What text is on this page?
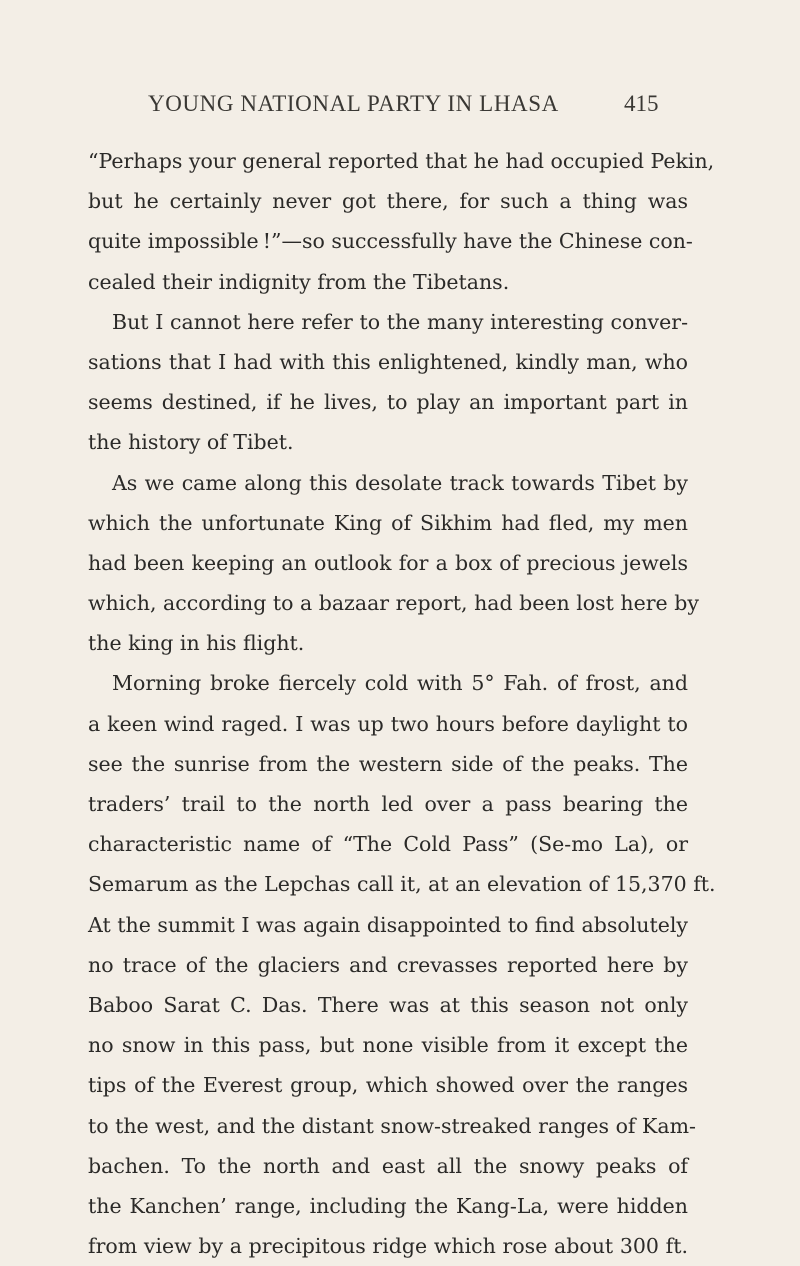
YOUNG NATIONAL PARTY IN LHASA	415
“Perhaps your general reported that he had occupied Pekin,
but he certainly never got there, for such a thing was
quite impossible !”—so successfully have the Chinese con-
cealed their indignity from the Tibetans.
But I cannot here refer to the many interesting conver-
sations that I had with this enlightened, kindly man, who
seems destined, if he lives, to play an important part in
the history of Tibet.
As we came along this desolate track towards Tibet by
which the unfortunate King of Sikhim had fled, my men
had been keeping an outlook for a box of precious jewels
which, according to a bazaar report, had been lost here by
the king in his flight.
Morning broke fiercely cold with 5° Fah. of frost, and
a keen wind raged. I was up two hours before daylight to
see the sunrise from the western side of the peaks. The
traders’ trail to the north led over a pass bearing the
characteristic name of “The Cold Pass” (Se-mo La), or
Semarum as the Lepchas call it, at an elevation of 15,370 ft.
At the summit I was again disappointed to find absolutely
no trace of the glaciers and crevasses reported here by
Baboo Sarat C. Das. There was at this season not only
no snow in this pass, but none visible from it except the
tips of the Everest group, which showed over the ranges
to the west, and the distant snow-streaked ranges of Kam-
bachen. To the north and east all the snowy peaks of
the Kanchen’ range, including the Kang-La, were hidden
from view by a precipitous ridge which rose about 300 ft.
